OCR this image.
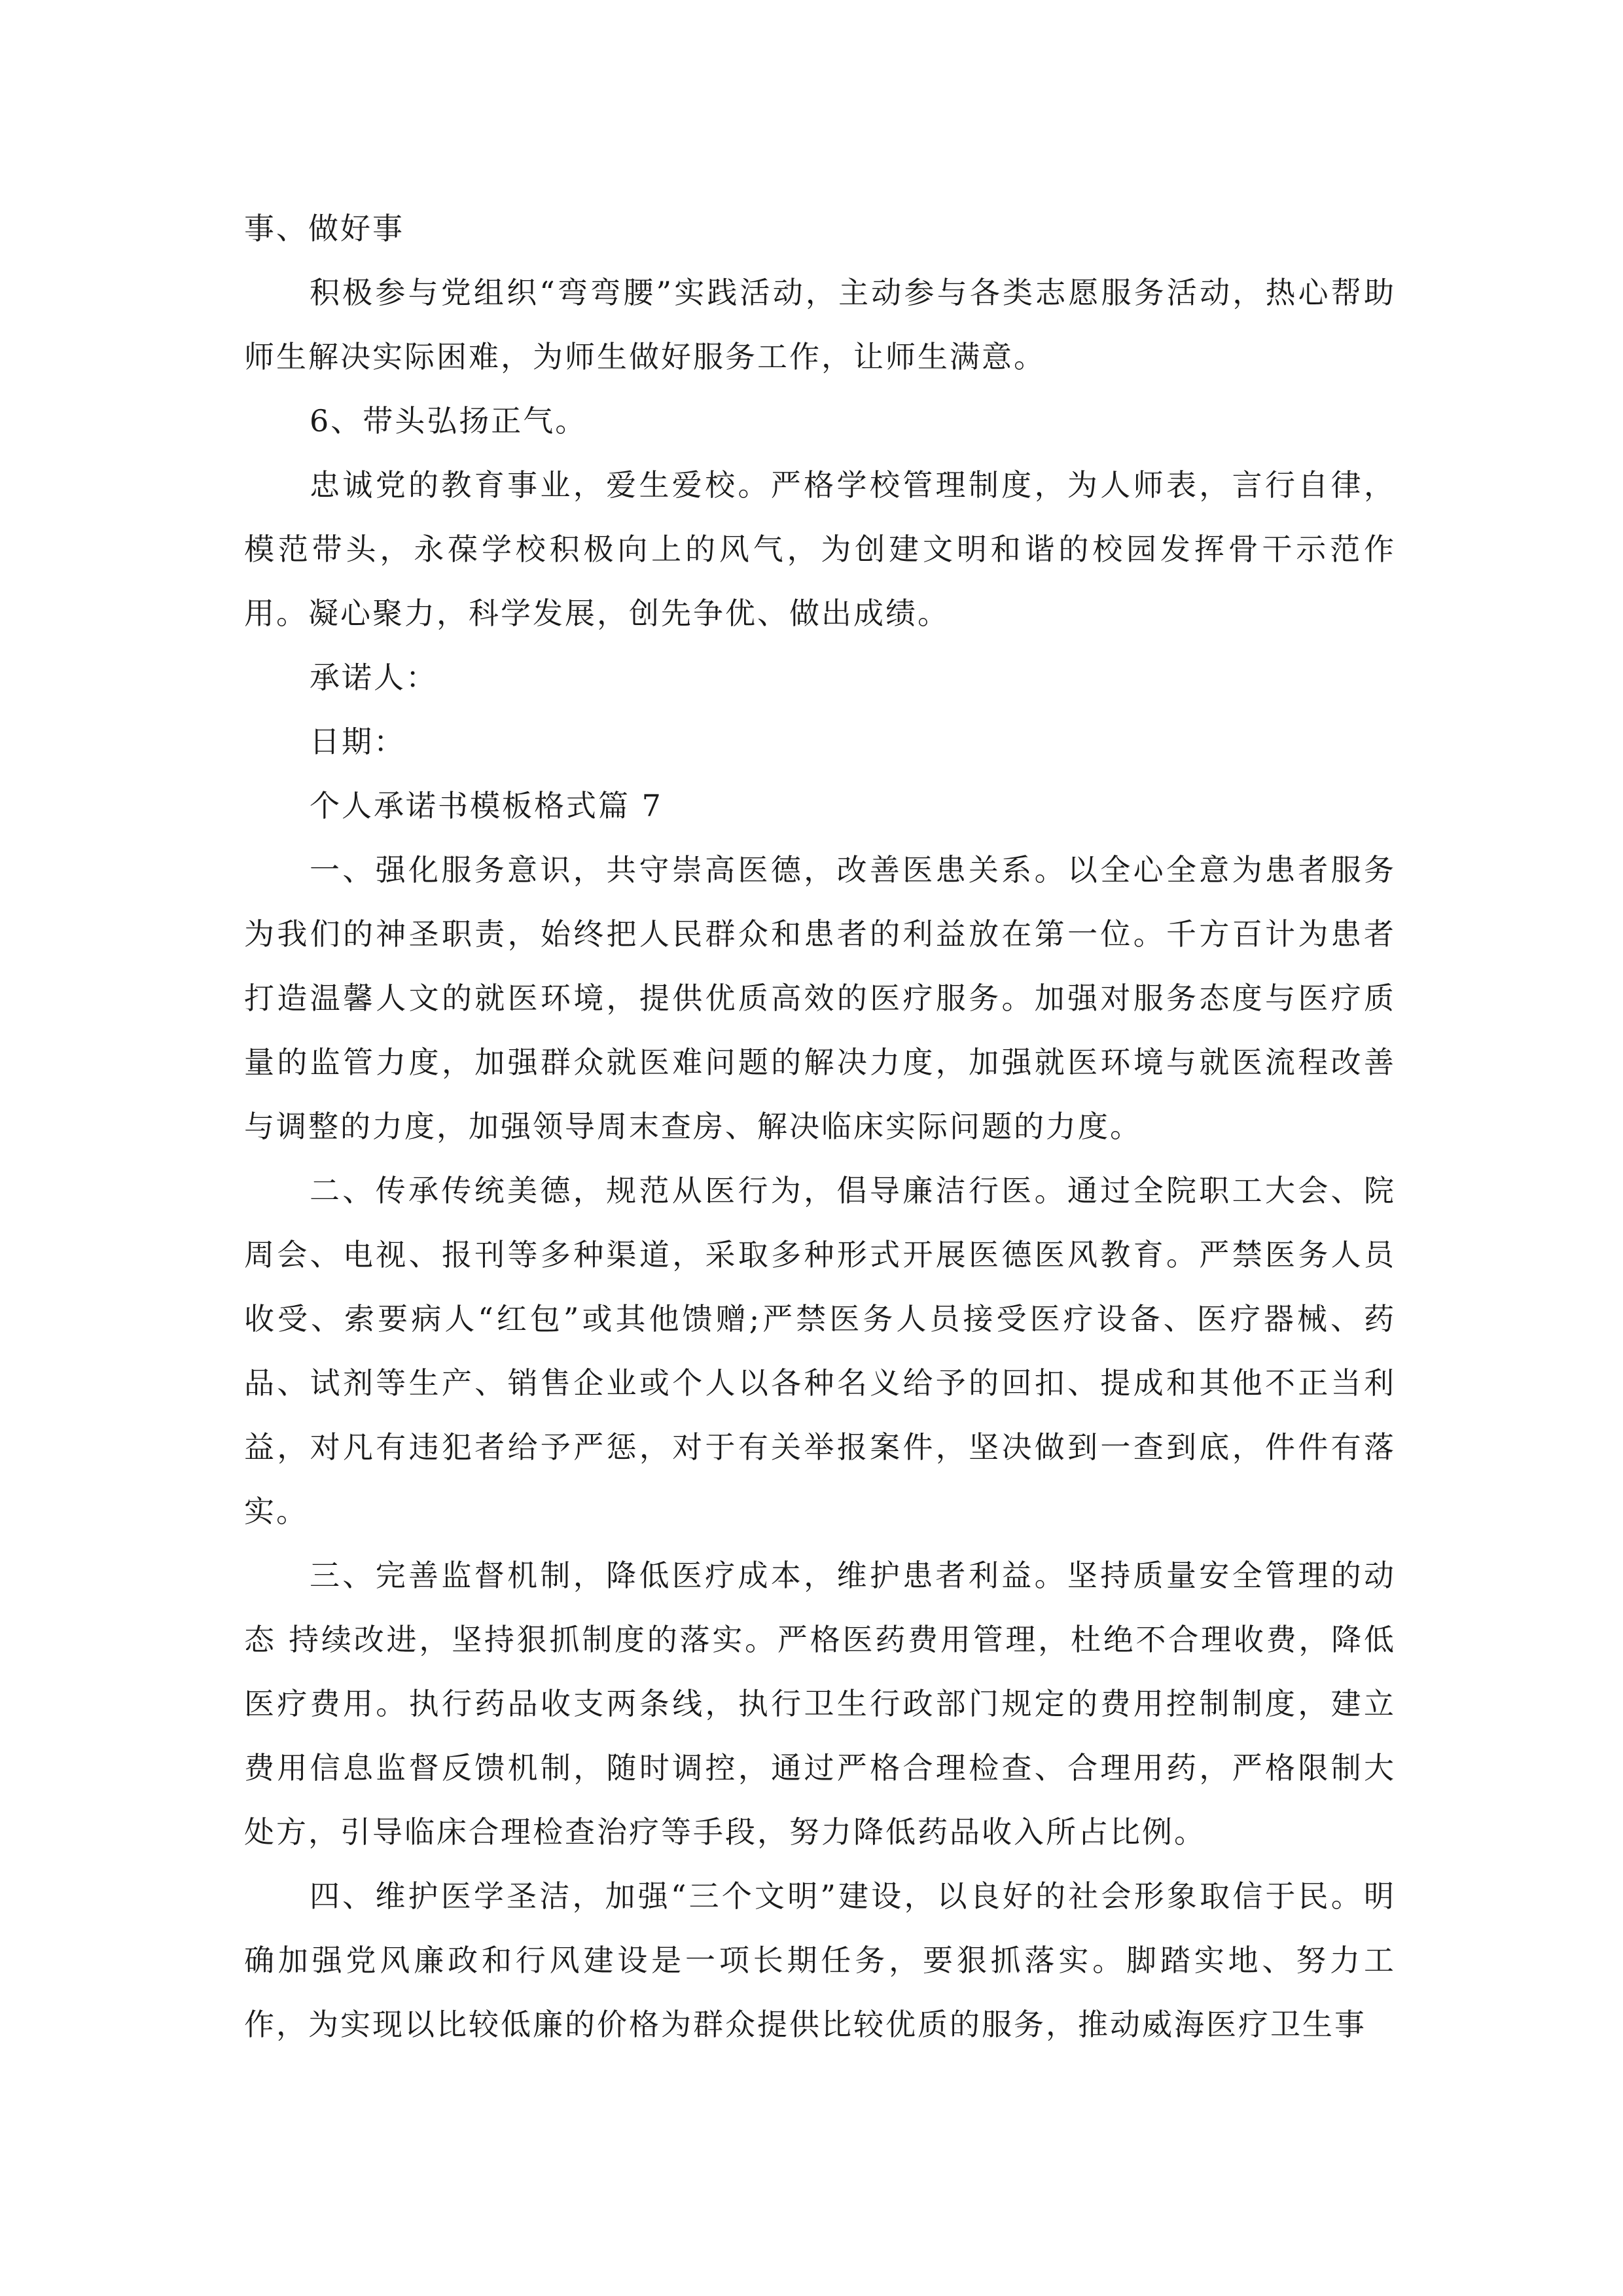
事、做好事

积极参与党组织“弯弯腰”实践活动，主动参与各类志愿服务活动，热心帮助师生解决实际困难，为师生做好服务工作，让师生满意。

6、带头弘扬正气。

忠诚党的教育事业，爱生爱校。严格学校管理制度，为人师表，言行自律，模范带头，永葆学校积极向上的风气，为创建文明和谐的校园发挥骨干示范作用。凝心聚力，科学发展，创先争优、做出成绩。

承诺人：

日期：

个人承诺书模板格式篇 7

一、强化服务意识，共守崇高医德，改善医患关系。以全心全意为患者服务为我们的神圣职责，始终把人民群众和患者的利益放在第一位。千方百计为患者打造温馨人文的就医环境，提供优质高效的医疗服务。加强对服务态度与医疗质量的监管力度，加强群众就医难问题的解决力度，加强就医环境与就医流程改善与调整的力度，加强领导周末查房、解决临床实际问题的力度。

二、传承传统美德，规范从医行为，倡导廉洁行医。通过全院职工大会、院周会、电视、报刊等多种渠道，采取多种形式开展医德医风教育。严禁医务人员收受、索要病人“红包”或其他馈赠;严禁医务人员接受医疗设备、医疗器械、药品、试剂等生产、销售企业或个人以各种名义给予的回扣、提成和其他不正当利益，对凡有违犯者给予严惩，对于有关举报案件，坚决做到一查到底，件件有落实。

三、完善监督机制，降低医疗成本，维护患者利益。坚持质量安全管理的动态 持续改进，坚持狠抓制度的落实。严格医药费用管理，杜绝不合理收费，降低医疗费用。执行药品收支两条线，执行卫生行政部门规定的费用控制制度，建立费用信息监督反馈机制，随时调控，通过严格合理检查、合理用药，严格限制大处方，引导临床合理检查治疗等手段，努力降低药品收入所占比例。

四、维护医学圣洁，加强“三个文明”建设，以良好的社会形象取信于民。明确加强党风廉政和行风建设是一项长期任务，要狠抓落实。脚踏实地、努力工作，为实现以比较低廉的价格为群众提供比较优质的服务，推动威海医疗卫生事
